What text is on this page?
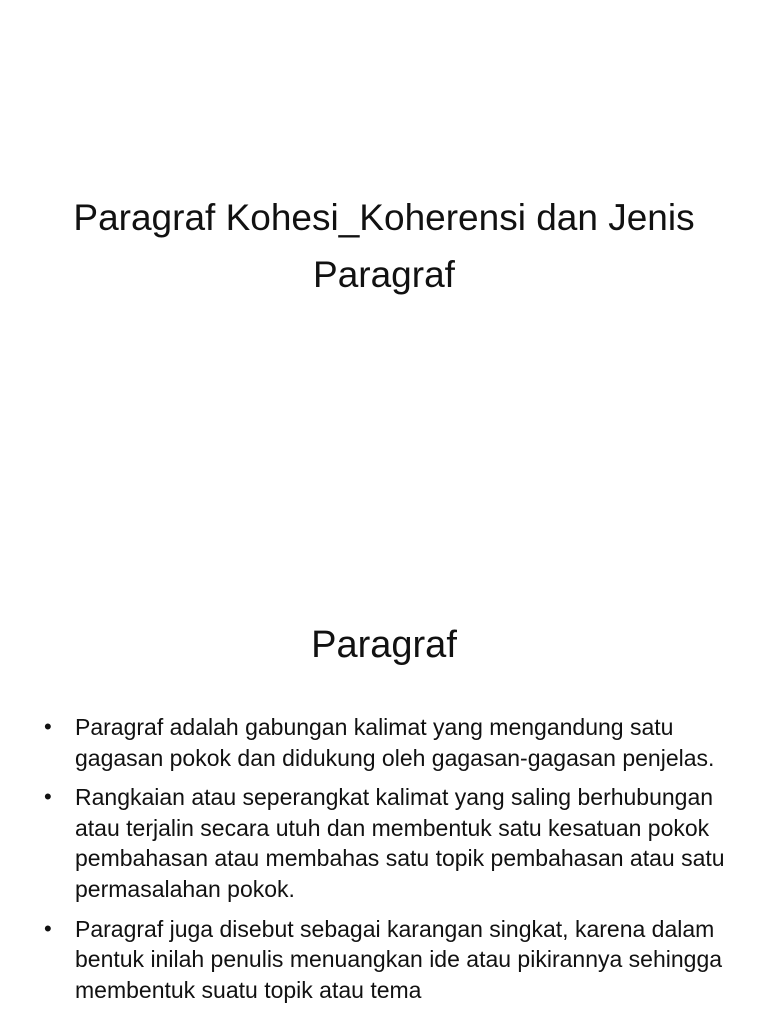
Paragraf Kohesi_Koherensi dan Jenis Paragraf
Paragraf
• Paragraf adalah gabungan kalimat yang mengandung satu gagasan pokok dan didukung oleh gagasan-gagasan penjelas.
• Rangkaian atau seperangkat kalimat yang saling berhubungan atau terjalin secara utuh dan membentuk satu kesatuan pokok pembahasan atau membahas satu topik pembahasan atau satu permasalahan pokok.
• Paragraf juga disebut sebagai karangan singkat, karena dalam bentuk inilah penulis menuangkan ide atau pikirannya sehingga membentuk suatu topik atau tema
